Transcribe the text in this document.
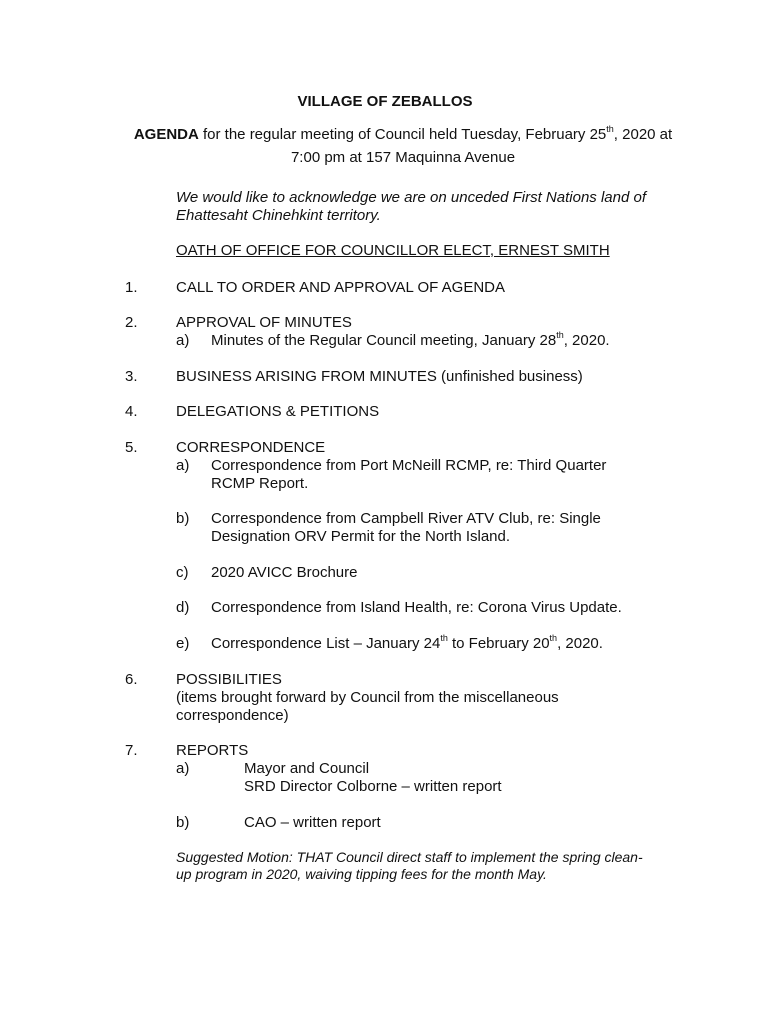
VILLAGE OF ZEBALLOS
AGENDA for the regular meeting of Council held Tuesday, February 25th, 2020 at
7:00 pm at 157 Maquinna Avenue
We would like to acknowledge we are on unceded First Nations land of
Ehattesaht Chinehkint territory.
OATH OF OFFICE FOR COUNCILLOR ELECT, ERNEST SMITH
1.	CALL TO ORDER AND APPROVAL OF AGENDA
2.	APPROVAL OF MINUTES
a) Minutes of the Regular Council meeting, January 28th, 2020.
3.	BUSINESS ARISING FROM MINUTES (unfinished business)
4.	DELEGATIONS & PETITIONS
5.	CORRESPONDENCE
a) Correspondence from Port McNeill RCMP, re: Third Quarter
RCMP Report.
b) Correspondence from Campbell River ATV Club, re: Single
Designation ORV Permit for the North Island.
c) 2020 AVICC Brochure
d) Correspondence from Island Health, re: Corona Virus Update.
e) Correspondence List – January 24th to February 20th, 2020.
6.	POSSIBILITIES
(items brought forward by Council from the miscellaneous
correspondence)
7.	REPORTS
a)	Mayor and Council
SRD Director Colborne – written report
b)	CAO – written report
Suggested Motion: THAT Council direct staff to implement the spring clean-
up program in 2020, waiving tipping fees for the month May.
